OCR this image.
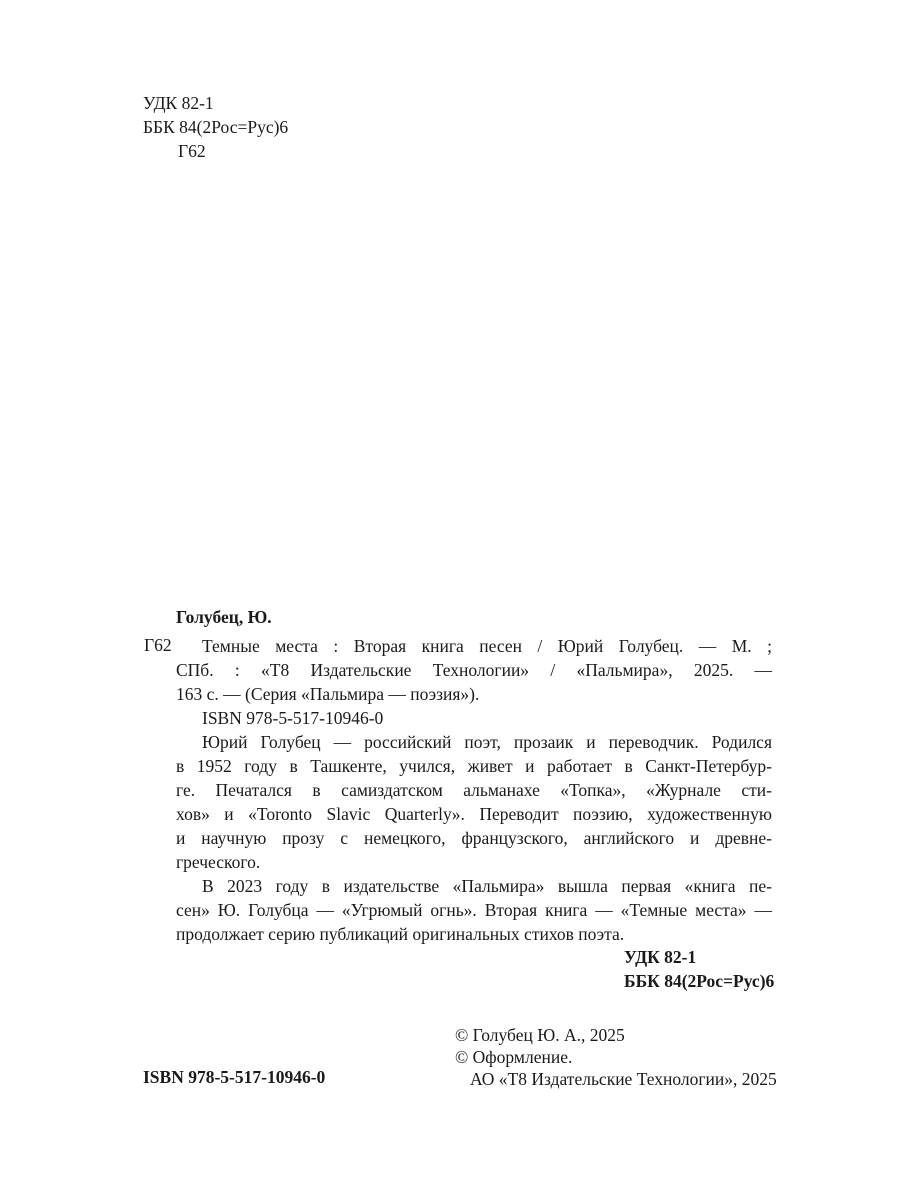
УДК 82-1
ББК 84(2Рос=Рус)6
Г62
Голубец, Ю.
Г62 Темные места : Вторая книга песен / Юрий Голубец. — М. ;
СПб. : «Т8 Издательские Технологии» / «Пальмира», 2025. —
163 с. — (Серия «Пальмира — поэзия»).
ISBN 978-5-517-10946-0
Юрий Голубец — российский поэт, прозаик и переводчик. Родился
в 1952 году в Ташкенте, учился, живет и работает в Санкт-Петербур-
ге. Печатался в самиздатском альманахе «Топка», «Журнале сти-
хов» и «Toronto Slavic Quarterly». Переводит поэзию, художественную
и научную прозу с немецкого, французского, английского и древне-
греческого.
В 2023 году в издательстве «Пальмира» вышла первая «книга пе-
сен» Ю. Голубца — «Угрюмый огнь». Вторая книга — «Темные места» —
продолжает серию публикаций оригинальных стихов поэта.
УДК 82-1
ББК 84(2Рос=Рус)6
© Голубец Ю. А., 2025
© Оформление.
АО «Т8 Издательские Технологии», 2025
ISBN 978-5-517-10946-0
